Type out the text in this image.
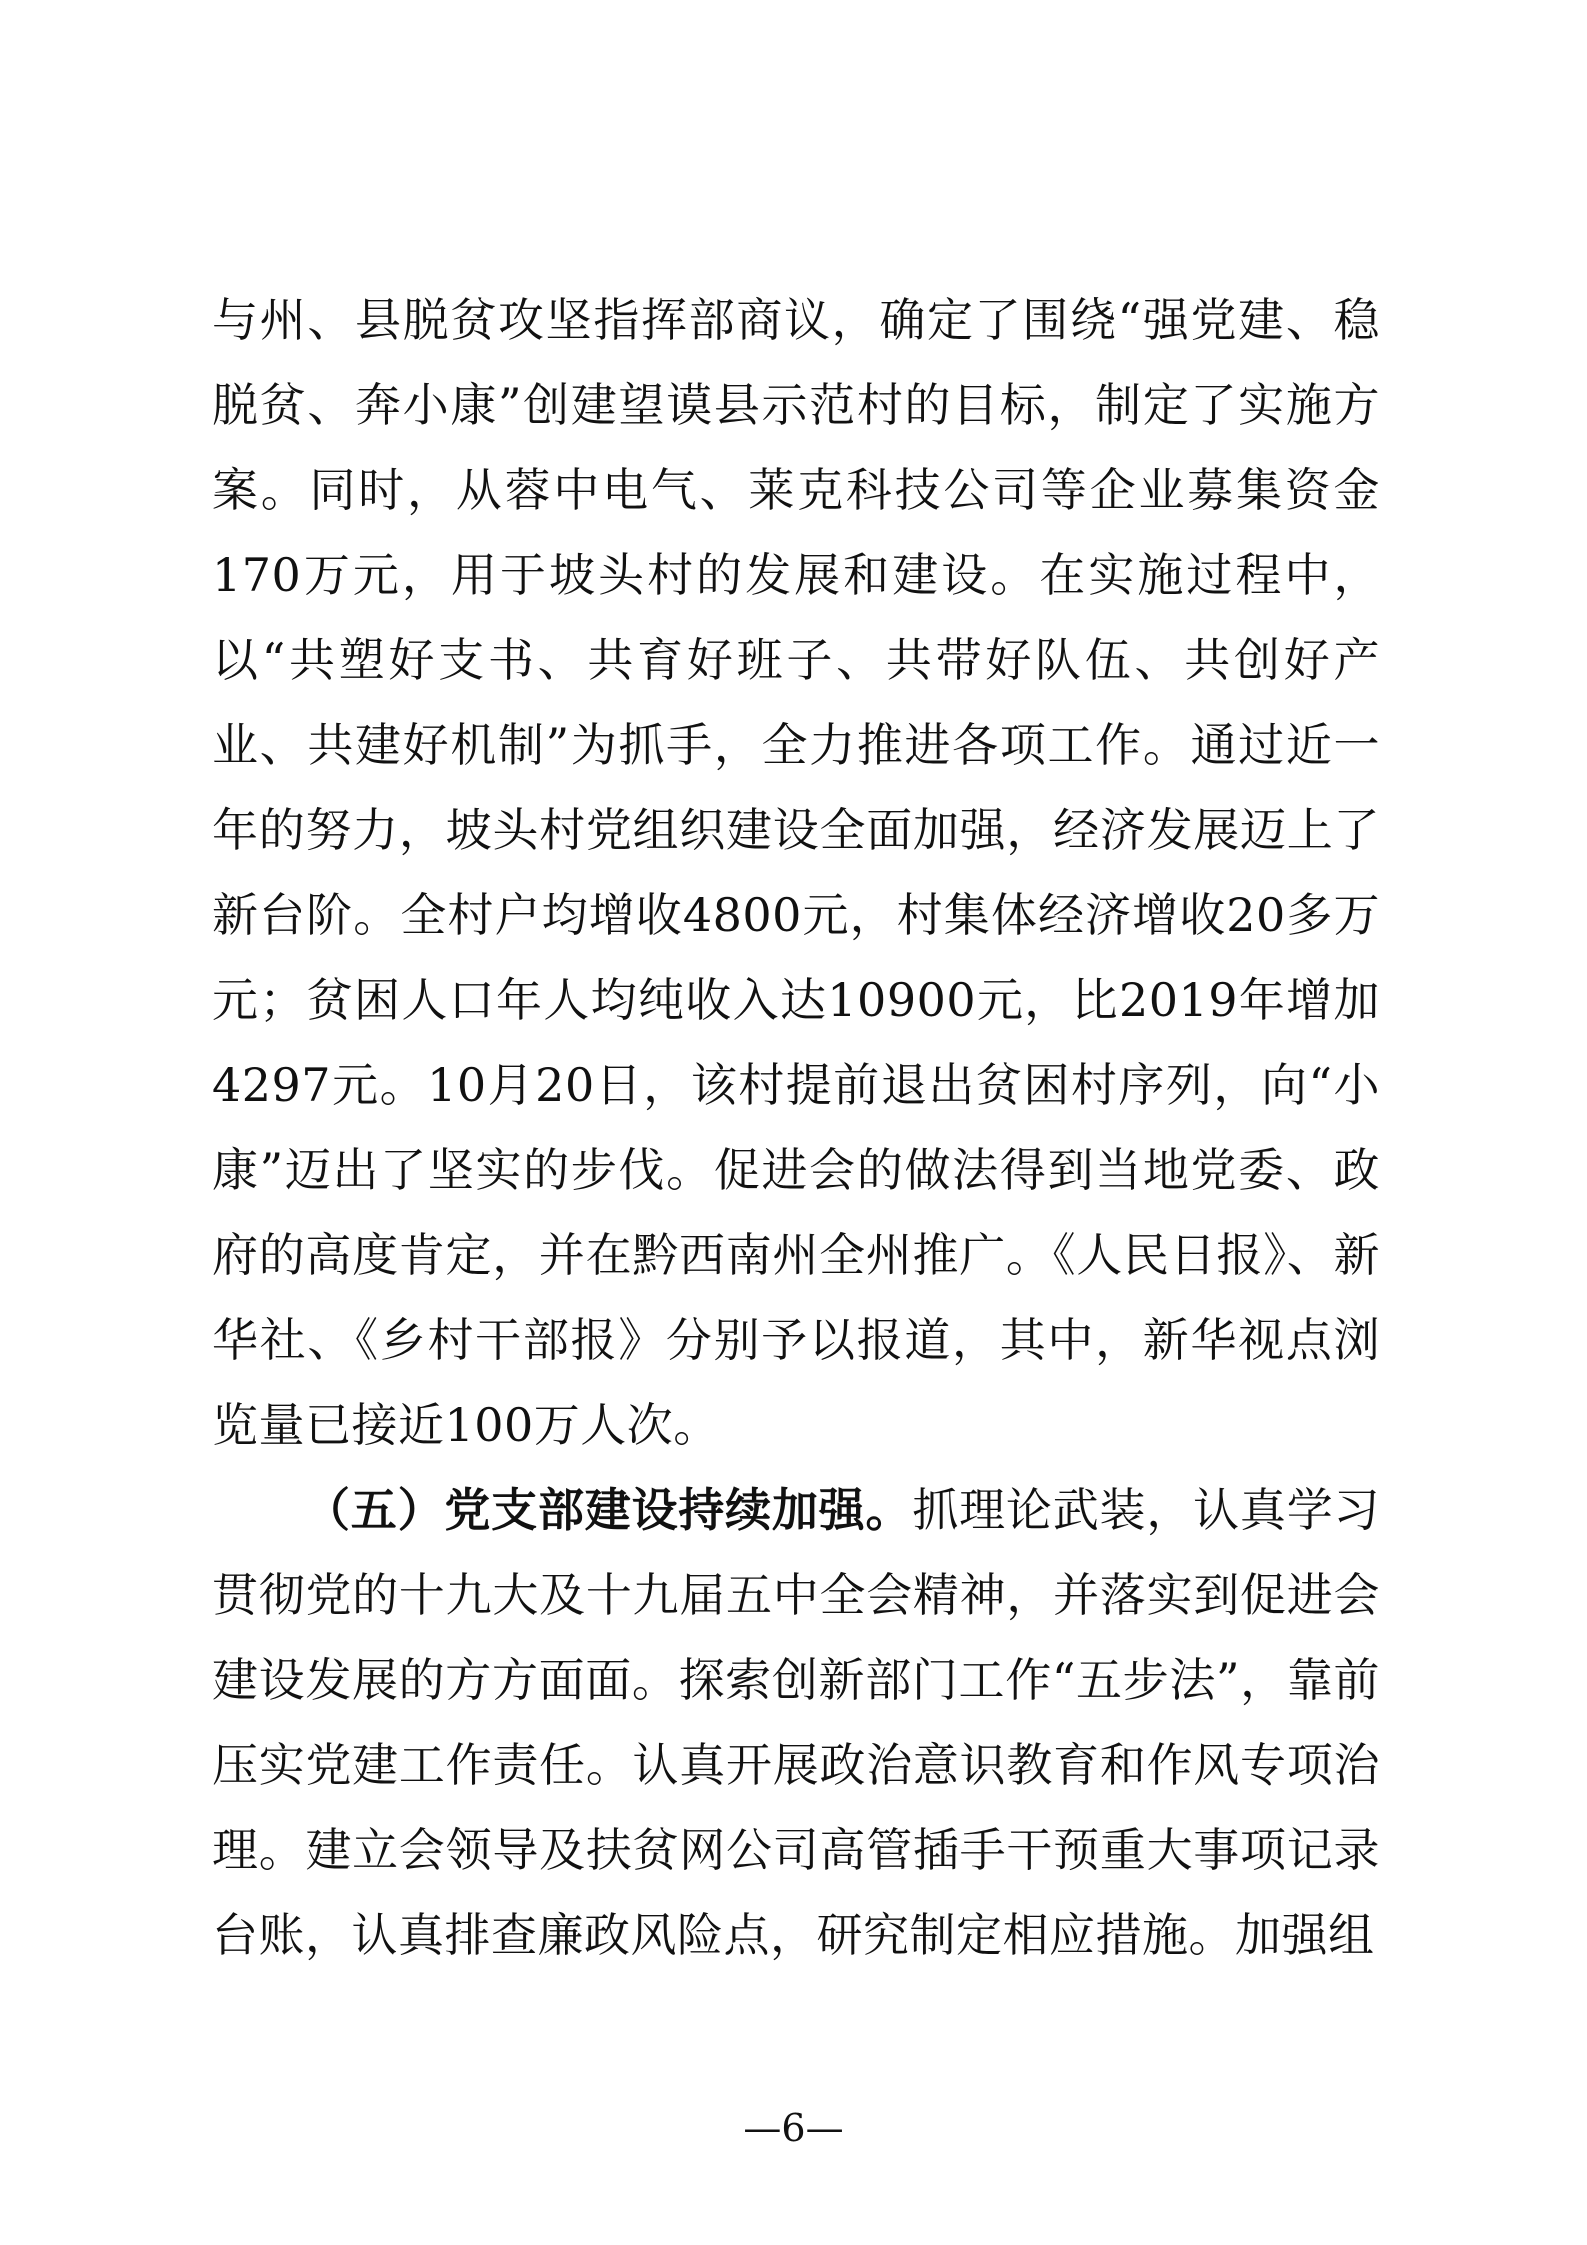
与州、县脱贫攻坚指挥部商议，确定了围绕“强党建、稳脱贫、奔小康”创建望谟县示范村的目标，制定了实施方案。同时，从蓉中电气、莱克科技公司等企业募集资金170万元，用于坡头村的发展和建设。在实施过程中，以“共塑好支书、共育好班子、共带好队伍、共创好产业、共建好机制”为抓手，全力推进各项工作。通过近一年的努力，坡头村党组织建设全面加强，经济发展迈上了新台阶。全村户均增收4800元，村集体经济增收20多万元；贫困人口年人均纯收入达10900元，比2019年增加4297元。10月20日，该村提前退出贫困村序列，向“小康”迈出了坚实的步伐。促进会的做法得到当地党委、政府的高度肯定，并在黔西南州全州推广。《人民日报》、新华社、《乡村干部报》分别予以报道，其中，新华视点浏览量已接近100万人次。

（五）党支部建设持续加强。抓理论武装，认真学习贯彻党的十九大及十九届五中全会精神，并落实到促进会建设发展的方方面面。探索创新部门工作“五步法”，靠前压实党建工作责任。认真开展政治意识教育和作风专项治理。建立会领导及扶贫网公司高管插手干预重大事项记录台账，认真排查廉政风险点，研究制定相应措施。加强组

—6—
